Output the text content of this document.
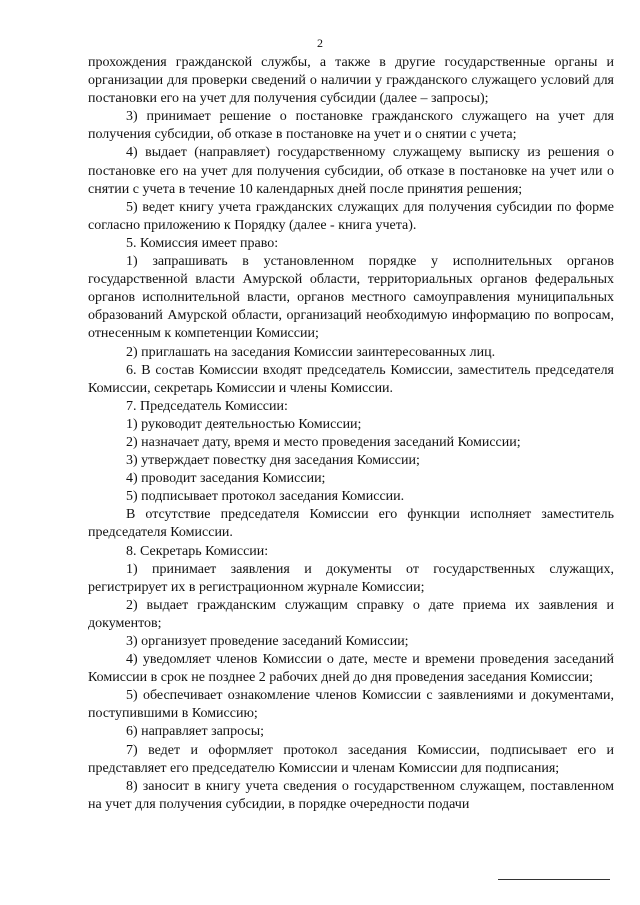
2

прохождения гражданской службы, а также в другие государственные органы и организации для проверки сведений о наличии у гражданского служащего условий для постановки его на учет для получения субсидии (далее – запросы);

3) принимает решение о постановке гражданского служащего на учет для получения субсидии, об отказе в постановке на учет и о снятии с учета;

4) выдает (направляет) государственному служащему выписку из решения о постановке его на учет для получения субсидии, об отказе в постановке на учет или о снятии с учета в течение 10 календарных дней после принятия решения;

5) ведет книгу учета гражданских служащих для получения субсидии по форме согласно приложению к Порядку (далее - книга учета).

5. Комиссия имеет право:

1) запрашивать в установленном порядке у исполнительных органов государственной власти Амурской области, территориальных органов федеральных органов исполнительной власти, органов местного самоуправления муниципальных образований Амурской области, организаций необходимую информацию по вопросам, отнесенным к компетенции Комиссии;

2) приглашать на заседания Комиссии заинтересованных лиц.

6. В состав Комиссии входят председатель Комиссии, заместитель председателя Комиссии, секретарь Комиссии и члены Комиссии.

7. Председатель Комиссии:

1) руководит деятельностью Комиссии;

2) назначает дату, время и место проведения заседаний Комиссии;

3) утверждает повестку дня заседания Комиссии;

4) проводит заседания Комиссии;

5) подписывает протокол заседания Комиссии.

В отсутствие председателя Комиссии его функции исполняет заместитель председателя Комиссии.

8. Секретарь Комиссии:

1) принимает заявления и документы от государственных служащих, регистрирует их в регистрационном журнале Комиссии;

2) выдает гражданским служащим справку о дате приема их заявления и документов;

3) организует проведение заседаний Комиссии;

4) уведомляет членов Комиссии о дате, месте и времени проведения заседаний Комиссии в срок не позднее 2 рабочих дней до дня проведения заседания Комиссии;

5) обеспечивает ознакомление членов Комиссии с заявлениями и документами, поступившими в Комиссию;

6) направляет запросы;

7) ведет и оформляет протокол заседания Комиссии, подписывает его и представляет его председателю Комиссии и членам Комиссии для подписания;

8) заносит в книгу учета сведения о государственном служащем, поставленном на учет для получения субсидии, в порядке очередности подачи
